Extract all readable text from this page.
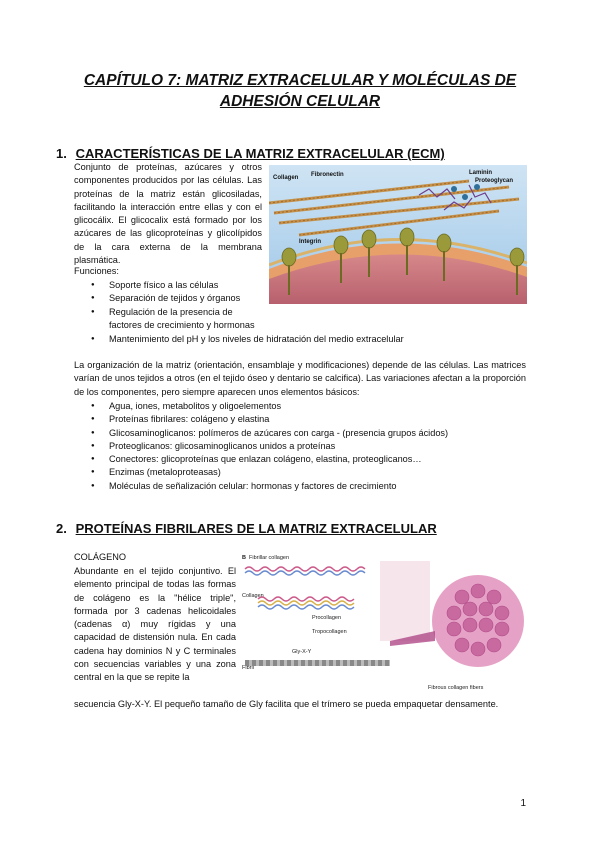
CAPÍTULO 7: MATRIZ EXTRACELULAR Y MOLÉCULAS DE
ADHESIÓN CELULAR
1. CARACTERÍSTICAS DE LA MATRIZ EXTRACELULAR (ECM)
Conjunto de proteínas, azúcares y otros componentes producidos por las células. Las proteínas de la matriz están glicosiladas, facilitando la interacción entre ellas y con el glicocálix. El glicocalix está formado por los azúcares de las glicoproteínas y glicolípidos de la cara externa de la membrana plasmática.
Funciones:
● Soporte físico a las células
● Separación de tejidos y órganos
● Regulación de la presencia de factores de crecimiento y hormonas
● Mantenimiento del pH y los niveles de hidratación del medio extracelular
Collagen Fibronectin	Laminin
Proteoglycan
Integrin
La organización de la matriz (orientación, ensamblaje y modificaciones) depende de las células. Las matrices varían de unos tejidos a otros (en el tejido óseo y dentario se calcifica). Las variaciones afectan a la proporción de los componentes, pero siempre aparecen unos elementos básicos:
● Agua, iones, metabolitos y oligoelementos
● Proteínas fibrilares: colágeno y elastina
● Glicosaminoglicanos: polímeros de azúcares con carga - (presencia grupos ácidos)
● Proteoglicanos: glicosaminoglicanos unidos a proteínas
● Conectores: glicoproteínas que enlazan colágeno, elastina, proteoglicanos…
● Enzimas (metaloproteasas)
● Moléculas de señalización celular: hormonas y factores de crecimiento
2. PROTEÍNAS FIBRILARES DE LA MATRIZ EXTRACELULAR
COLÁGENO
Abundante en el tejido conjuntivo. El elemento principal de todas las formas de colágeno es la "hélice triple", formada por 3 cadenas helicoidales (cadenas α) muy rígidas y una capacidad de distensión nula. En cada cadena hay dominios N y C terminales con secuencias variables y una zona central en la que se repite la
secuencia Gly-X-Y. El pequeño tamaño de Gly facilita que el trímero se pueda empaquetar densamente.
B Fibrillar collagen
Procollagen
Collagen
Tropocollagen
Gly-X-Y
Fibril
Fibrous collagen fibers
1
